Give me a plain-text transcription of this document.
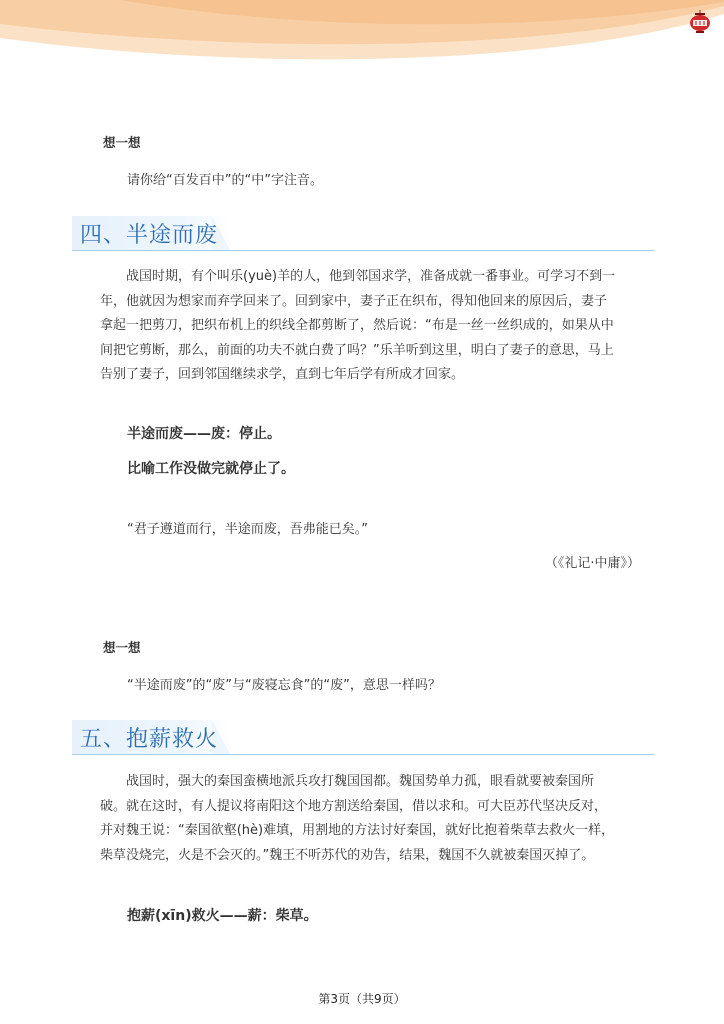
想一想
请你给“百发百中”的“中”字注音。
四、半途而废
战国时期，有个叫乐(yuè)羊的人，他到邻国求学，准备成就一番事业。可学习不到一
年，他就因为想家而弃学回来了。回到家中，妻子正在织布，得知他回来的原因后，妻子
拿起一把剪刀，把织布机上的织线全都剪断了，然后说：“布是一丝一丝织成的，如果从中
间把它剪断，那么，前面的功夫不就白费了吗？”乐羊听到这里，明白了妻子的意思，马上
告别了妻子，回到邻国继续求学，直到七年后学有所成才回家。
半途而废——废：停止。
比喻工作没做完就停止了。
“君子遵道而行，半途而废，吾弗能已矣。”
（《礼记·中庸》）
想一想
“半途而废”的“废”与“废寝忘食”的“废”，意思一样吗？
五、抱薪救火
战国时，强大的秦国蛮横地派兵攻打魏国国都。魏国势单力孤，眼看就要被秦国所
破。就在这时，有人提议将南阳这个地方割送给秦国，借以求和。可大臣苏代坚决反对，
并对魏王说：“秦国欲壑(hè)难填，用割地的方法讨好秦国，就好比抱着柴草去救火一样，
柴草没烧完，火是不会灭的。”魏王不听苏代的劝告，结果，魏国不久就被秦国灭掉了。
抱薪(xīn)救火——薪：柴草。
第3页（共9页）
